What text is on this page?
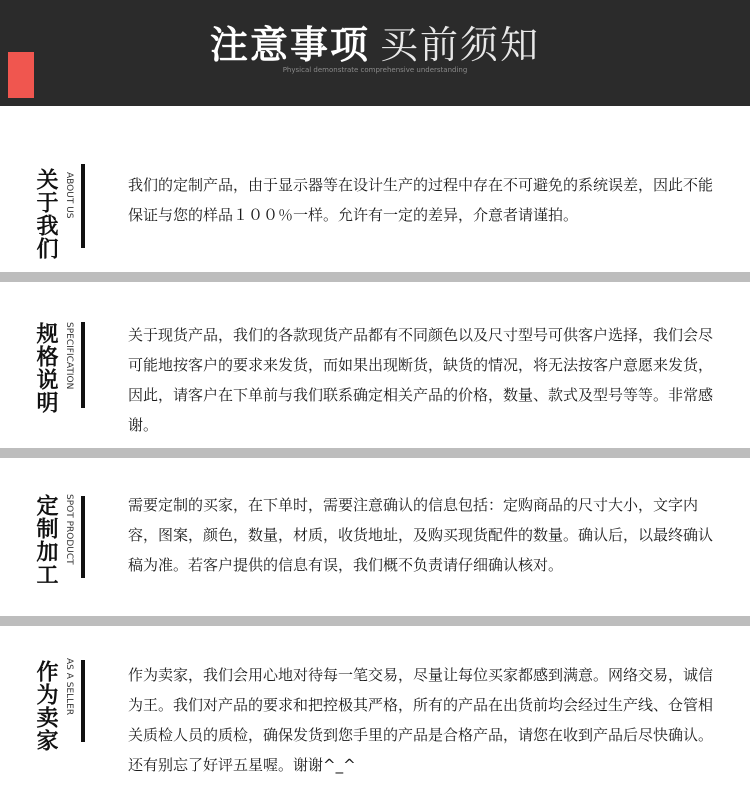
注意事项 买前须知
Physical demonstrate comprehensive understanding
关于我们 ABOUT US	我们的定制产品，由于显示器等在设计生产的过程中存在不可避免的系统误差，因此不能保证与您的样品１００％一样。允许有一定的差异，介意者请谨拍。
规格说明 SPECIFICATION	关于现货产品，我们的各款现货产品都有不同颜色以及尺寸型号可供客户选择，我们会尽可能地按客户的要求来发货，而如果出现断货，缺货的情况，将无法按客户意愿来发货，因此，请客户在下单前与我们联系确定相关产品的价格，数量、款式及型号等等。非常感谢。
定制加工 SPOT PRODUCT	需要定制的买家，在下单时，需要注意确认的信息包括：定购商品的尺寸大小，文字内容，图案，颜色，数量，材质，收货地址，及购买现货配件的数量。确认后，以最终确认稿为准。若客户提供的信息有误，我们概不负责请仔细确认核对。
作为卖家 AS A SELLER	作为卖家，我们会用心地对待每一笔交易，尽量让每位买家都感到满意。网络交易，诚信为王。我们对产品的要求和把控极其严格，所有的产品在出货前均会经过生产线、仓管相关质检人员的质检，确保发货到您手里的产品是合格产品，请您在收到产品后尽快确认。还有别忘了好评五星喔。谢谢^_^
